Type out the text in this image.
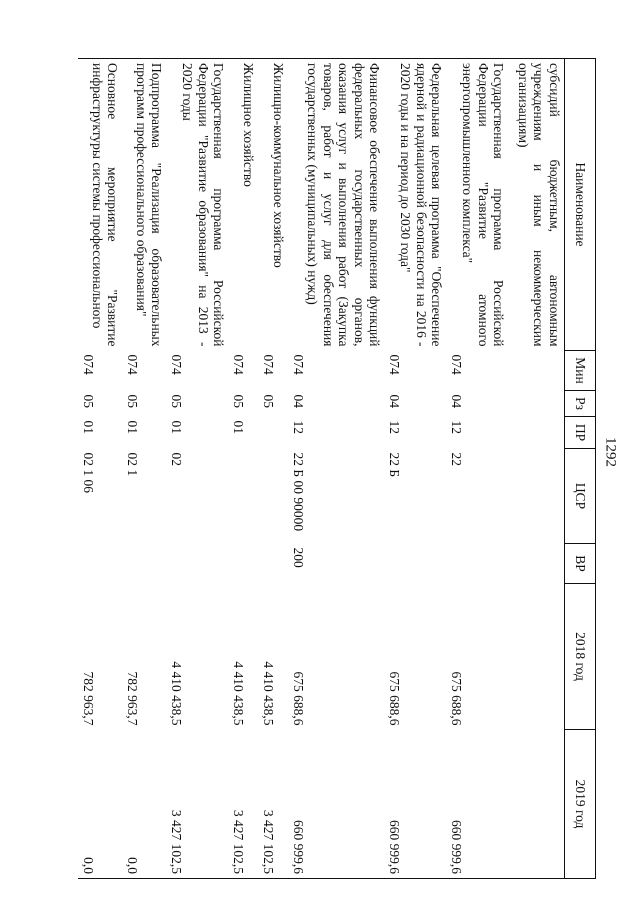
1292
Наименование	Мин	Рз	ПР	ЦСР	ВР	2018 год	2019 год
субсидий бюджетным, автономным учреждениям и иным некоммерческим организациям)							
Государственная программа Российской Федерации "Развитие атомного энергопромышленного комплекса"	074	04	12	22		675 688,6	660 999,6
Федеральная целевая программа "Обеспечение ядерной и радиационной безопасности на 2016 - 2020 годы и на период до 2030 года"	074	04	12	22 Б		675 688,6	660 999,6
Финансовое обеспечение выполнения функций федеральных государственных органов, оказания услуг и выполнения работ (Закупка товаров, работ и услуг для обеспечения государственных (муниципальных) нужд)	074	04	12	22 Б 00 90000	200	675 688,6	660 999,6
Жилищно-коммунальное хозяйство	074	05				4 410 438,5	3 427 102,5
Жилищное хозяйство	074	05	01			4 410 438,5	3 427 102,5
Государственная программа Российской Федерации "Развитие образования" на 2013 - 2020 годы	074	05	01	02		4 410 438,5	3 427 102,5
Подпрограмма "Реализация образовательных программ профессионального образования"	074	05	01	02 1		782 963,7	0,0
Основное мероприятие "Развитие инфраструктуры системы профессионального	074	05	01	02 1 06		782 963,7	0,0
